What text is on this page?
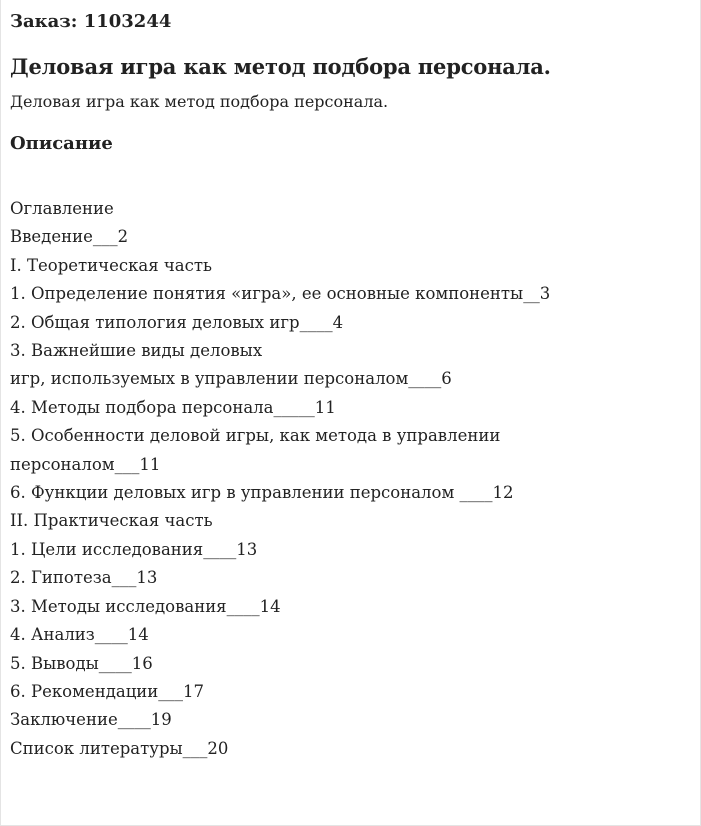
Заказ: 1103244
Деловая игра как метод подбора персонала.
Деловая игра как метод подбора персонала.
Описание
Оглавление
Введение___2
I. Теоретическая часть
1. Определение понятия «игра», ее основные компоненты__3
2. Общая типология деловых игр____4
3. Важнейшие виды деловых
игр, используемых в управлении персоналом____6
4. Методы подбора персонала_____11
5. Особенности деловой игры, как метода в управлении
персоналом___11
6. Функции деловых игр в управлении персоналом ____12
II. Практическая часть
1. Цели исследования____13
2. Гипотеза___13
3. Методы исследования____14
4. Анализ____14
5. Выводы____16
6. Рекомендации___17
Заключение____19
Список литературы___20
